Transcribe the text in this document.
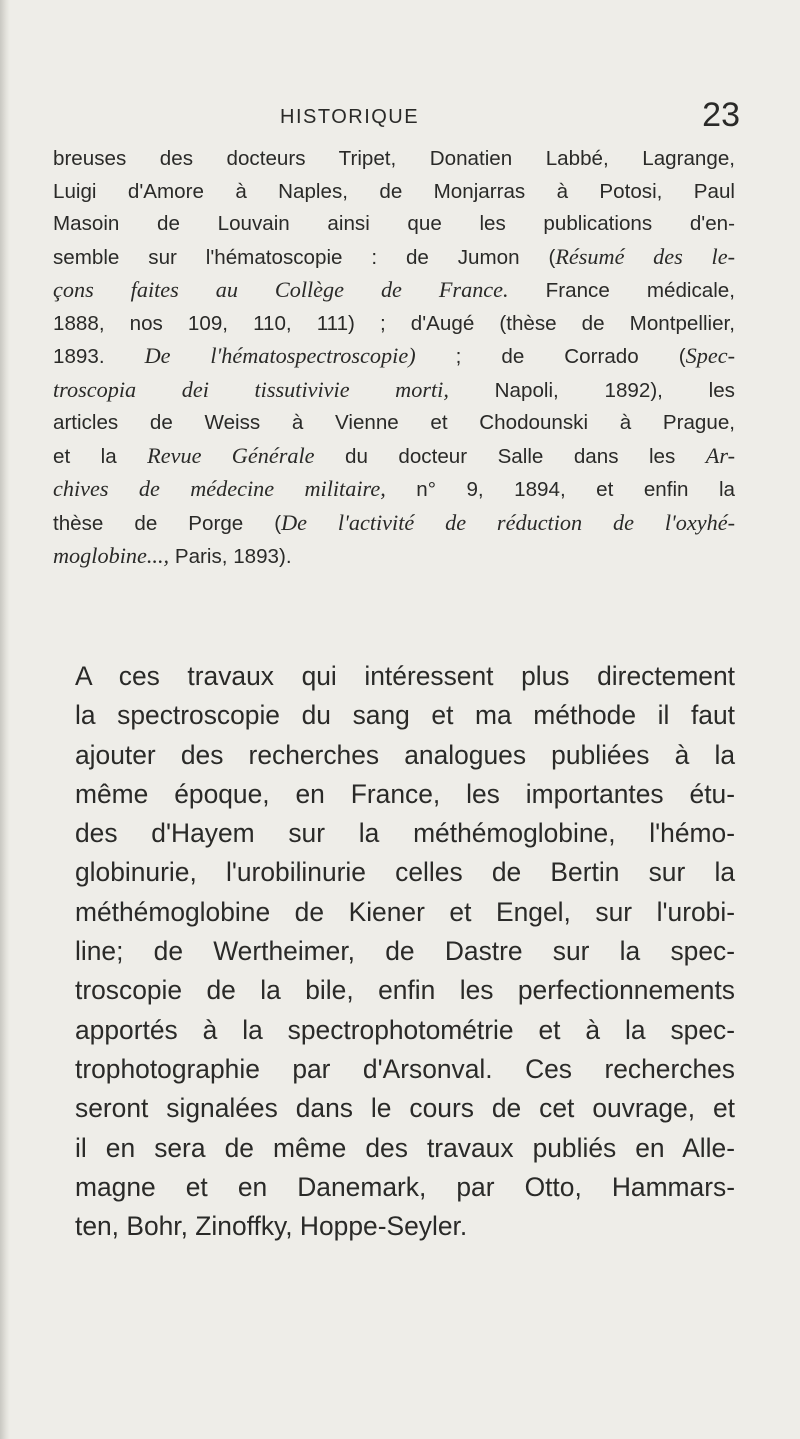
HISTORIQUE	23

breuses des docteurs Tripet, Donatien Labbé, Lagrange,
Luigi d'Amore à Naples, de Monjarras à Potosi, Paul
Masoin de Louvain ainsi que les publications d'en-
semble sur l'hématoscopie : de Jumon (Résumé des le-
çons faites au Collège de France. France médicale,
1888, nos 109, 110, 111) ; d'Augé (thèse de Montpellier,
1893. De l'hématospectroscopie) ; de Corrado (Spec-
troscopia dei tissutivivie morti, Napoli, 1892), les
articles de Weiss à Vienne et Chodounski à Prague,
et la Revue Générale du docteur Salle dans les Ar-
chives de médecine militaire, n° 9, 1894, et enfin la
thèse de Porge (De l'activité de réduction de l'oxyhé-
moglobine..., Paris, 1893).

A ces travaux qui intéressent plus directement
la spectroscopie du sang et ma méthode il faut
ajouter des recherches analogues publiées à la
même époque, en France, les importantes étu-
des d'Hayem sur la méthémoglobine, l'hémo-
globinurie, l'urobilinurie celles de Bertin sur la
méthémoglobine de Kiener et Engel, sur l'urobi-
line; de Wertheimer, de Dastre sur la spec-
troscopie de la bile, enfin les perfectionnements
apportés à la spectrophotométrie et à la spec-
trophotographie par d'Arsonval. Ces recherches
seront signalées dans le cours de cet ouvrage, et
il en sera de même des travaux publiés en Alle-
magne et en Danemark, par Otto, Hammars-
ten, Bohr, Zinoffky, Hoppe-Seyler.
